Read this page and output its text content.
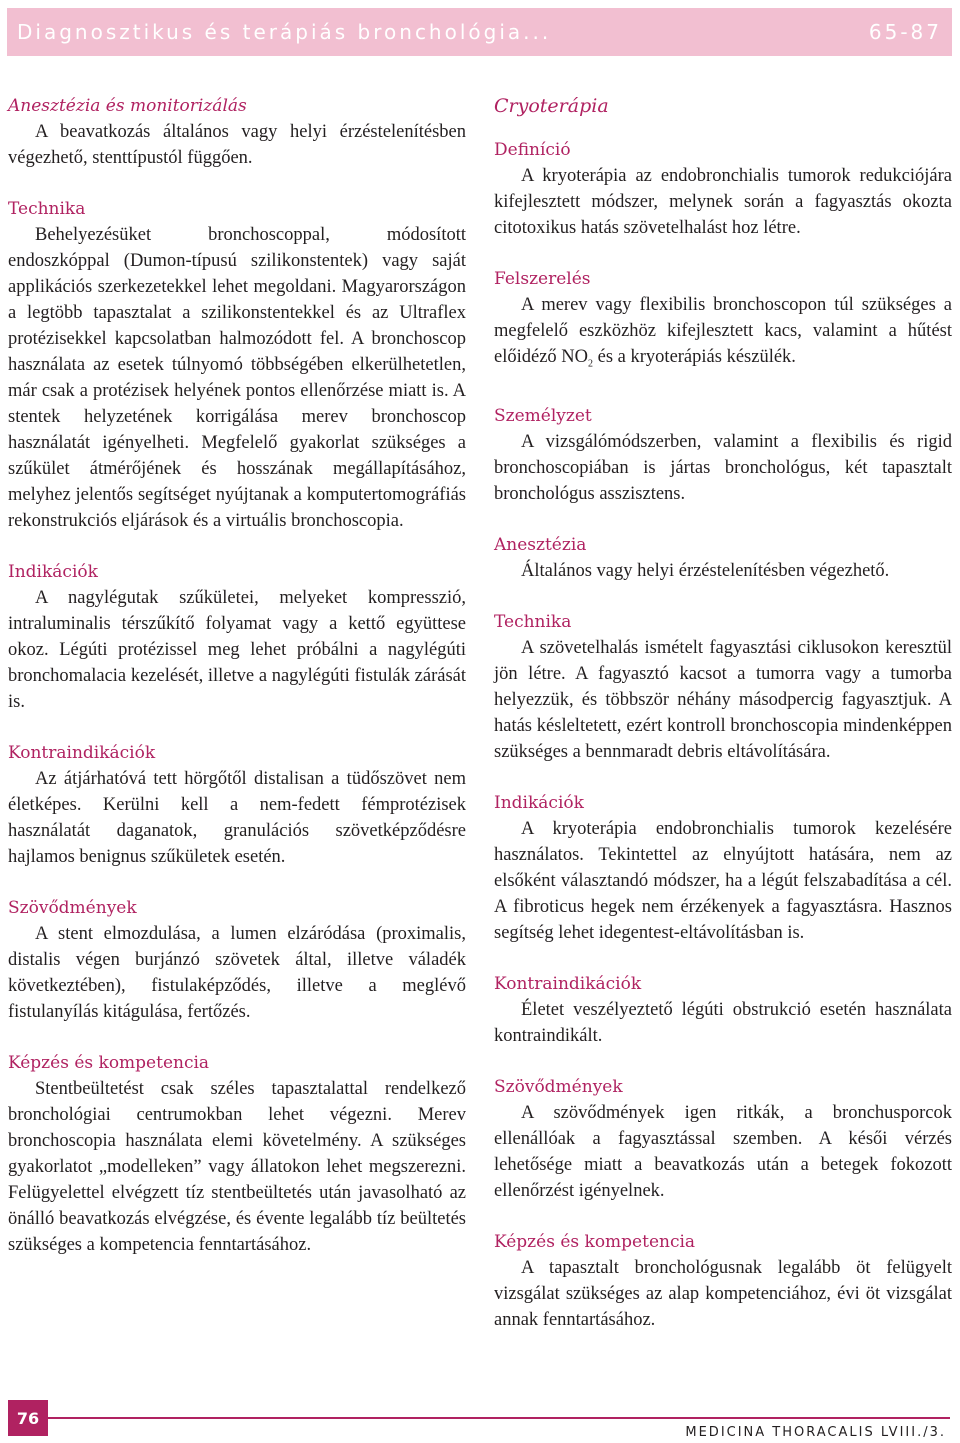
Diagnosztikus és terápiás bronchológia...	65-87
Anesztézia és monitorizálás

A beavatkozás általános vagy helyi érzéstelenítésben végezhető, stenttípustól függően.

Technika

Behelyezésüket bronchoscoppal, módosított endoszkóppal (Dumon-típusú szilikonstentek) vagy saját applikációs szerkezetekkel lehet megoldani. Magyarországon a legtöbb tapasztalat a szilikonstentekkel és az Ultraflex protézisekkel kapcsolatban halmozódott fel. A bronchoscop használata az esetek túlnyomó többségében elkerülhetetlen, már csak a protézisek helyének pontos ellenőrzése miatt is. A stentek helyzetének korrigálása merev bronchoscop használatát igényelheti. Megfelelő gyakorlat szükséges a szűkület átmérőjének és hosszának megállapításához, melyhez jelentős segítséget nyújtanak a komputertomográfiás rekonstrukciós eljárások és a virtuális bronchoscopia.

Indikációk

A nagylégutak szűkületei, melyeket kompresszió, intraluminalis térszűkítő folyamat vagy a kettő együttese okoz. Légúti protézissel meg lehet próbálni a nagylégúti bronchomalacia kezelését, illetve a nagylégúti fistulák zárását is.

Kontraindikációk

Az átjárhatóvá tett hörgőtől distalisan a tüdőszövet nem életképes. Kerülni kell a nem-fedett fémprotézisek használatát daganatok, granulációs szövetképződésre hajlamos benignus szűkületek esetén.

Szövődmények

A stent elmozdulása, a lumen elzáródása (proximalis, distalis végen burjánzó szövetek által, illetve váladék következtében), fistulaképződés, illetve a meglévő fistulanyílás kitágulása, fertőzés.

Képzés és kompetencia

Stentbeültetést csak széles tapasztalattal rendelkező bronchológiai centrumokban lehet végezni. Merev bronchoscopia használata elemi követelmény. A szükséges gyakorlatot „modelleken” vagy állatokon lehet megszerezni. Felügyelettel elvégzett tíz stentbeültetés után javasolható az önálló beavatkozás elvégzése, és évente legalább tíz beültetés szükséges a kompetencia fenntartásához.

Cryoterápia
Definíció

A kryoterápia az endobronchialis tumorok redukciójára kifejlesztett módszer, melynek során a fagyasztás okozta citotoxikus hatás szövetelhalást hoz létre.

Felszerelés

A merev vagy flexibilis bronchoscopon túl szükséges a megfelelő eszközhöz kifejlesztett kacs, valamint a hűtést előidéző $NO_2$ és a kryoterápiás készülék.

Személyzet

A vizsgálómódszerben, valamint a flexibilis és rigid bronchoscopiában is jártas bronchológus, két tapasztalt bronchológus asszisztens.

Anesztézia

Általános vagy helyi érzéstelenítésben végezhető.

Technika

A szövetelhalás ismételt fagyasztási ciklusokon keresztül jön létre. A fagyasztó kacsot a tumorra vagy a tumorba helyezzük, és többször néhány másodpercig fagyasztjuk. A hatás késleltetett, ezért kontroll bronchoscopia mindenképpen szükséges a bennmaradt debris eltávolítására.

Indikációk

A kryoterápia endobronchialis tumorok kezelésére használatos. Tekintettel az elnyújtott hatására, nem az elsőként választandó módszer, ha a légút felszabadítása a cél. A fibroticus hegek nem érzékenyek a fagyasztásra. Hasznos segítség lehet idegentest-eltávolításban is.

Kontraindikációk

Életet veszélyeztető légúti obstrukció esetén használata kontraindikált.

Szövődmények

A szövődmények igen ritkák, a bronchusporcok ellenállóak a fagyasztással szemben. A késői vérzés lehetősége miatt a beavatkozás után a betegek fokozott ellenőrzést igényelnek.

Képzés és kompetencia

A tapasztalt bronchológusnak legalább öt felügyelt vizsgálat szükséges az alap kompetenciához, évi öt vizsgálat annak fenntartásához.

76
MEDICINA THORACALIS LVIII./3.
